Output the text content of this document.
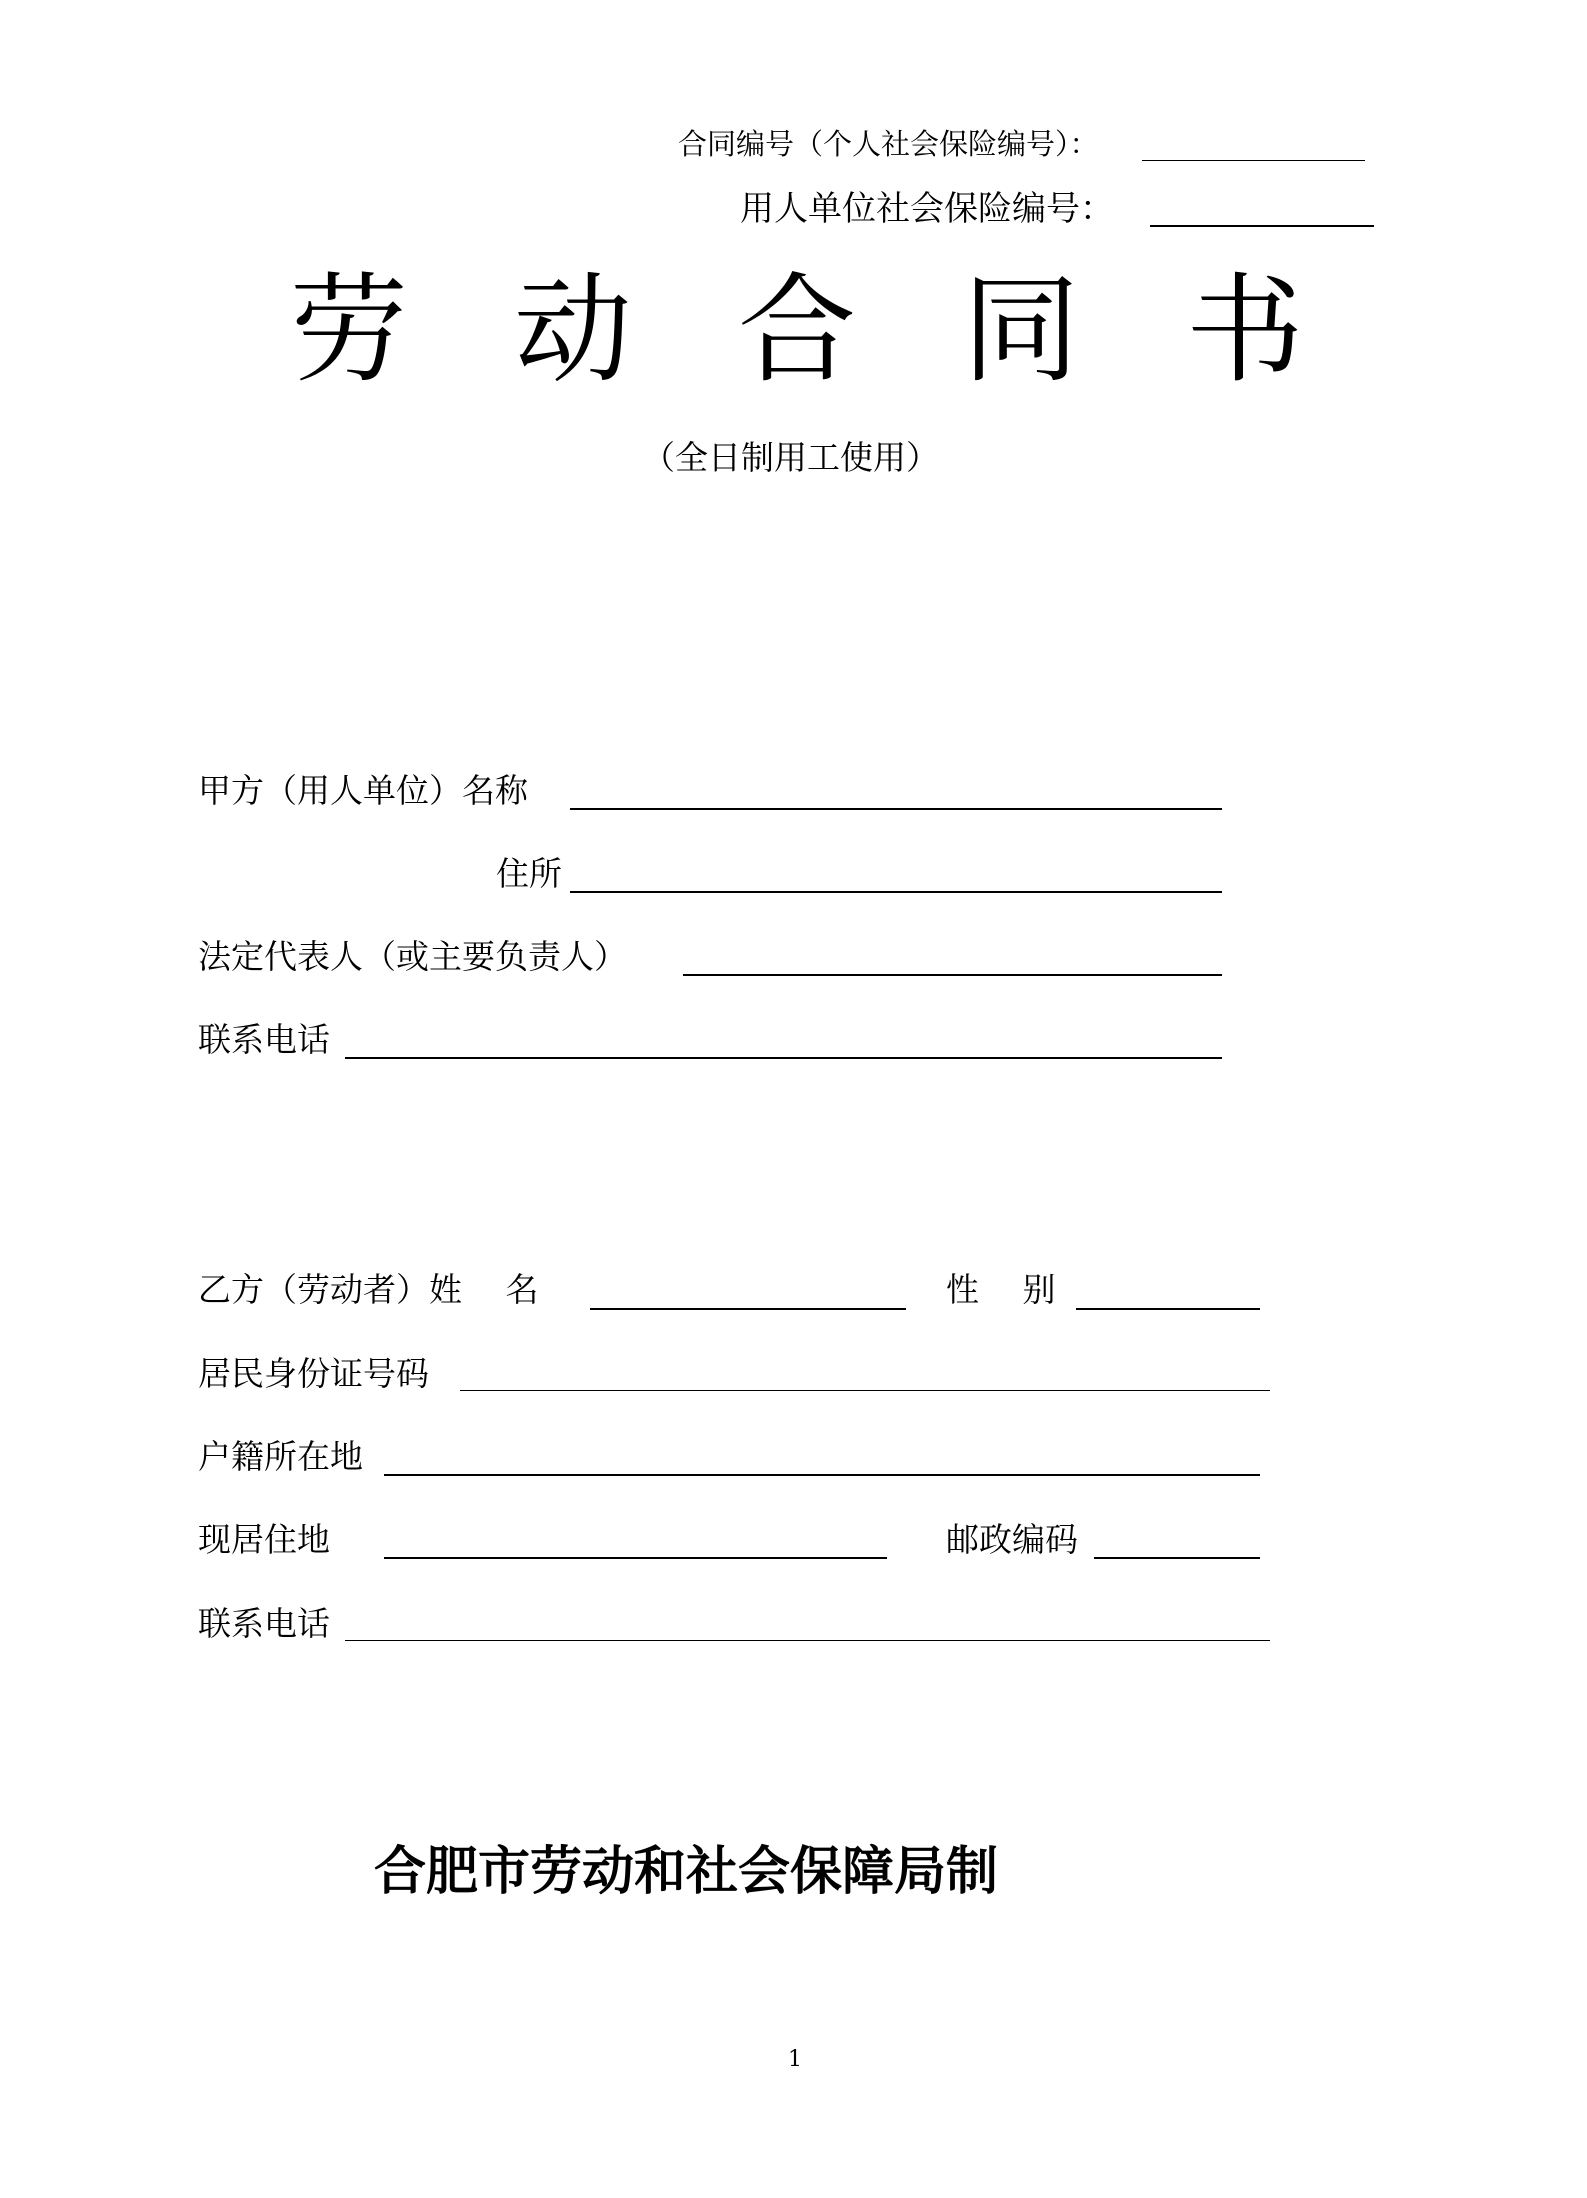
合同编号（个人社会保险编号）：
用人单位社会保险编号：
劳 动 合 同 书
（全日制用工使用）
甲方（用人单位）名称
住所
法定代表人（或主要负责人）
联系电话
乙方（劳动者）姓　 名	性　 别
居民身份证号码
户籍所在地
现居住地	邮政编码
联系电话
合肥市劳动和社会保障局制
1
